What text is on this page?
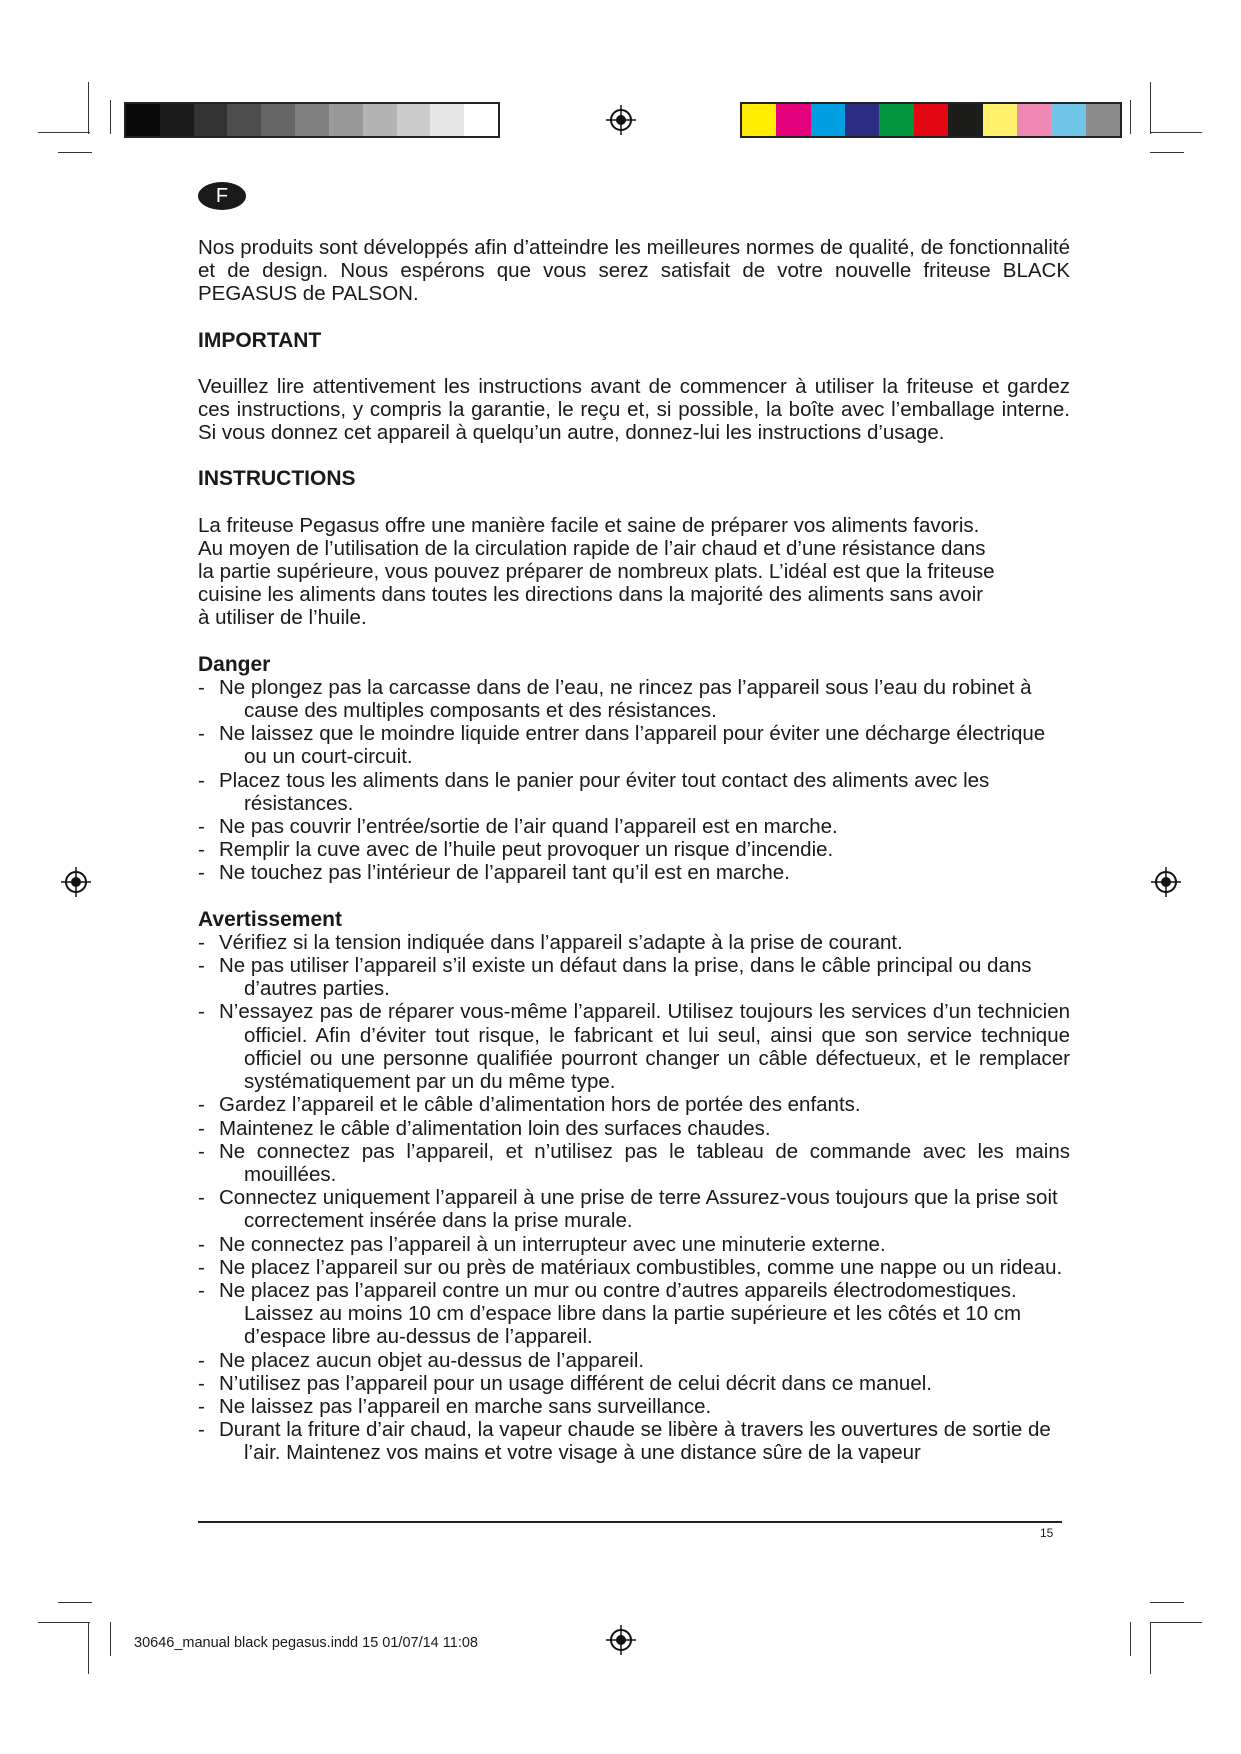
F

Nos produits sont développés afin d’atteindre les meilleures normes de qualité, de fonctionnalité et de design. Nous espérons que vous serez satisfait de votre nouvelle friteuse BLACK PEGASUS de PALSON.

IMPORTANT

Veuillez lire attentivement les instructions avant de commencer à utiliser la friteuse et gardez ces instructions, y compris la garantie, le reçu et, si possible, la boîte avec l’emballage interne. Si vous donnez cet appareil à quelqu’un autre, donnez-lui les instructions d’usage.

INSTRUCTIONS

La friteuse Pegasus offre une manière facile et saine de préparer vos aliments favoris.

Au moyen de l’utilisation de la circulation rapide de l’air chaud et d’une résistance dans

la partie supérieure, vous pouvez préparer de nombreux plats. L’idéal est que la friteuse

cuisine les aliments dans toutes les directions dans la majorité des aliments sans avoir

à utiliser de l’huile.

Danger

- Ne plongez pas la carcasse dans de l’eau, ne rincez pas l’appareil sous l’eau du robinet à cause des multiples composants et des résistances.
- Ne laissez que le moindre liquide entrer dans l’appareil pour éviter une décharge électrique ou un court-circuit.
- Placez tous les aliments dans le panier pour éviter tout contact des aliments avec les résistances.
- Ne pas couvrir l’entrée/sortie de l’air quand l’appareil est en marche.
- Remplir la cuve avec de l’huile peut provoquer un risque d’incendie.
- Ne touchez pas l’intérieur de l’appareil tant qu’il est en marche.

Avertissement

- Vérifiez si la tension indiquée dans l’appareil s’adapte à la prise de courant.
- Ne pas utiliser l’appareil s’il existe un défaut dans la prise, dans le câble principal ou dans d’autres parties.
- N’essayez pas de réparer vous-même l’appareil. Utilisez toujours les services d’un technicien officiel. Afin d’éviter tout risque, le fabricant et lui seul, ainsi que son service technique officiel ou une personne qualifiée pourront changer un câble défectueux, et le remplacer systématiquement par un du même type.
- Gardez l’appareil et le câble d’alimentation hors de portée des enfants.
- Maintenez le câble d’alimentation loin des surfaces chaudes.
- Ne connectez pas l’appareil, et n’utilisez pas le tableau de commande avec les mains mouillées.
- Connectez uniquement l’appareil à une prise de terre Assurez-vous toujours que la prise soit correctement insérée dans la prise murale.
- Ne connectez pas l’appareil à un interrupteur avec une minuterie externe.
- Ne placez l’appareil sur ou près de matériaux combustibles, comme une nappe ou un rideau.
- Ne placez pas l’appareil contre un mur ou contre d’autres appareils électrodomestiques. Laissez au moins 10 cm d’espace libre dans la partie supérieure et les côtés et 10 cm d’espace libre au-dessus de l’appareil.
- Ne placez aucun objet au-dessus de l’appareil.
- N’utilisez pas l’appareil pour un usage différent de celui décrit dans ce manuel.
- Ne laissez pas l’appareil en marche sans surveillance.
- Durant la friture d’air chaud, la vapeur chaude se libère à travers les ouvertures de sortie de l’air. Maintenez vos mains et votre visage à une distance sûre de la vapeur
15
30646_manual black pegasus.indd 15 01/07/14 11:08
